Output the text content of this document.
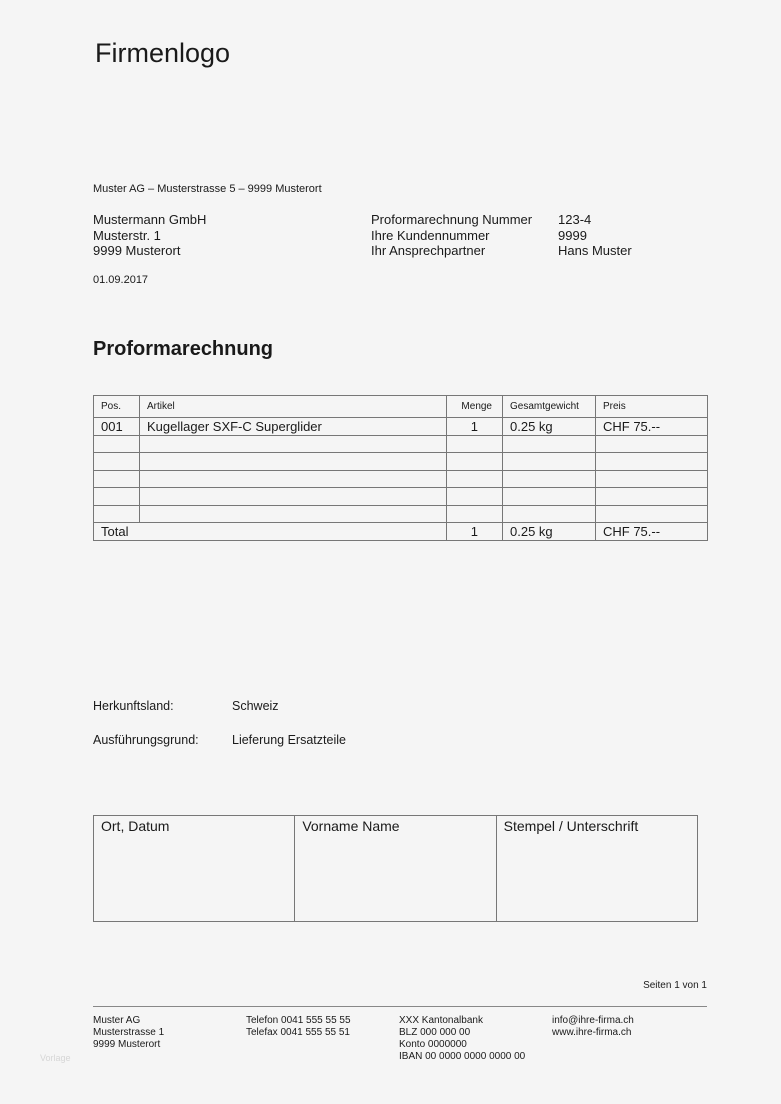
Firmenlogo
Muster AG – Musterstrasse 5 – 9999 Musterort
Mustermann GmbH
Musterstr. 1
9999 Musterort
Proformarechnung Nummer	123-4
Ihre Kundennummer	9999
Ihr Ansprechpartner	Hans Muster
01.09.2017
Proformarechnung
Pos.	Artikel	Menge	Gesamtgewicht	Preis
001	Kugellager SXF-C Superglider	1	0.25 kg	CHF 75.--

Total		1	0.25 kg	CHF 75.--
Herkunftsland:	Schweiz
Ausführungsgrund:	Lieferung Ersatzteile
Ort, Datum	Vorname Name	Stempel / Unterschrift
Seiten 1 von 1
Muster AG
Musterstrasse 1
9999 Musterort
Telefon 0041 555 55 55
Telefax 0041 555 55 51
XXX Kantonalbank
BLZ 000 000 00
Konto 0000000
IBAN 00 0000 0000 0000 00
info@ihre-firma.ch
www.ihre-firma.ch
Vorlage
